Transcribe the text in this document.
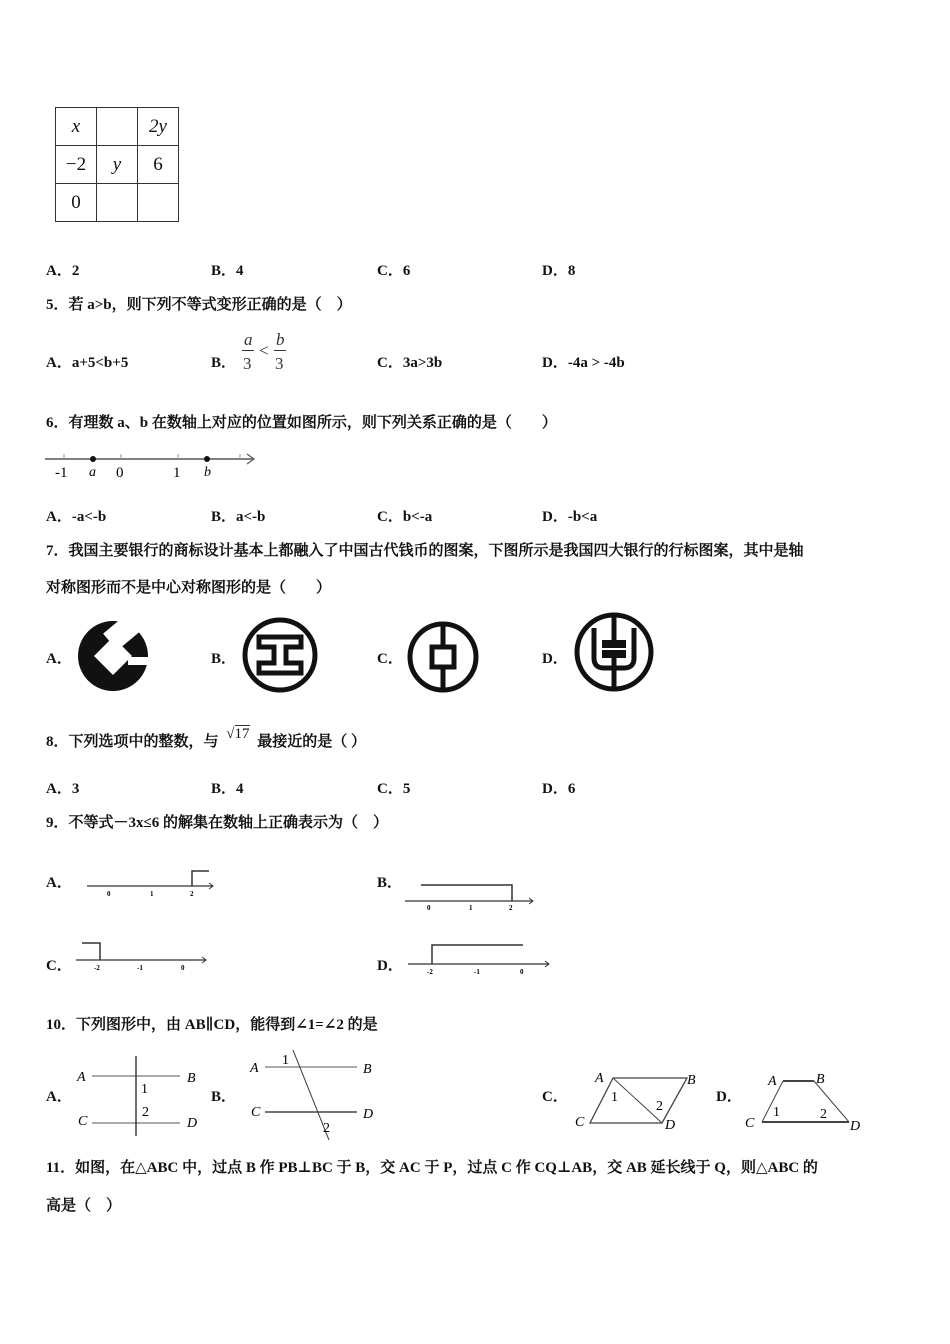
x		2y
−2	y	6
0		
A．2	B．4	C．6	D．8
5．若 a>b，则下列不等式变形正确的是（　）
A．a+5<b+5	B．
a
3
<
b
3	C．3a>3b	D．-4a > -4b
6．有理数 a、b 在数轴上对应的位置如图所示，则下列关系正确的是（　　）
-1 a 0	1 b
A．-a<-b	B．a<-b	C．b<-a	D．-b<a
7．我国主要银行的商标设计基本上都融入了中国古代钱币的图案，下图所示是我国四大银行的行标图案，其中是轴
对称图形而不是中心对称图形的是（　　）
A．	B．	C．	D．
8．下列选项中的整数，与 √17 最接近的是（ ）
A．3	B．4	C．5	D．6
9．不等式－3x≤6 的解集在数轴上正确表示为（　）
A．
0	1	2
B．
0	1	2
C．	-2	-1	0	D．	-2	-1	0
10．下列图形中，由 AB∥CD，能得到∠1=∠2 的是
A．
A	B
C	D
1
2
B．
A	B
C	D
1
2
C．
A	B
C	D
1
2
D．
A	B
C	D
1	2
11．如图，在△ABC 中，过点 B 作 PB⊥BC 于 B，交 AC 于 P，过点 C 作 CQ⊥AB，交 AB 延长线于 Q，则△ABC 的
高是（　）
